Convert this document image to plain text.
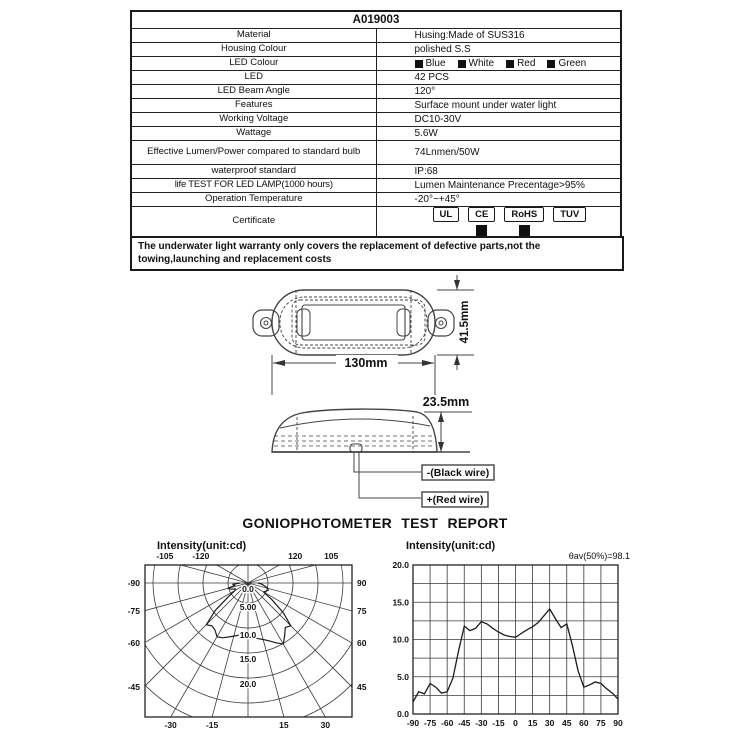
A019003	
Material	Husing:Made of SUS316
Housing Colour	polished S.S
LED Colour	Blue White Red Green

LED	42 PCS
LED Beam Angle	120°
Features	Surface mount under water light
Working Voltage	DC10-30V
Wattage	5.6W
Effective Lumen/Power compared to standard bulb	74Lnmen/50W
waterproof standard	IP:68
life TEST FOR LED LAMP(1000 hours)	Lumen Maintenance Precentage>95%
Operation Temperature	-20°~+45°
Certificate	UL CE RoHS TUV
The underwater light warranty only covers the replacement of defective parts,not the towing,launching and replacement costs
130mm
41.5mm
23.5mm
-(Black wire)
+(Red wire)
GONIOPHOTOMETER TEST REPORT
Intensity(unit:cd)	Intensity(unit:cd)
θav(50%)=98.1
0.0
5.00
10.0
15.0
20.0
-120
-105
-90
-75
-60
-45
-30	-15	15	30
45
60
75
90
105
120
0.0
5.0
10.0
15.0
20.0
-90 -75 -60 -45 -30 -15 0 15 30 45 60 75 90
